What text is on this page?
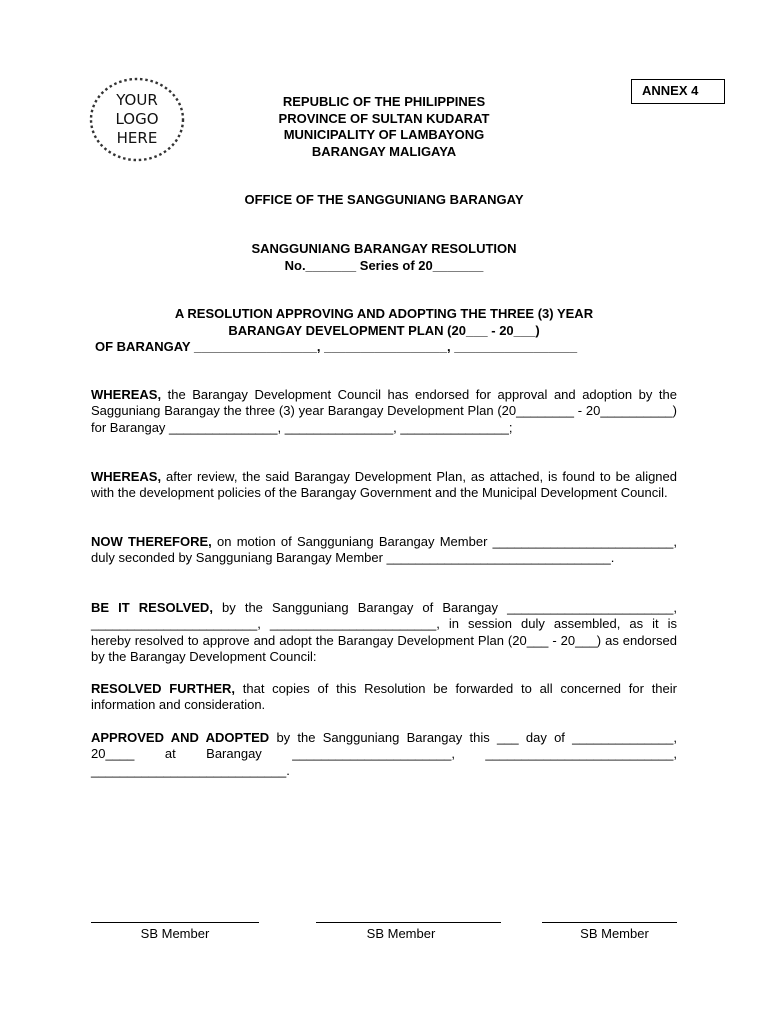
YOUR
LOGO
HERE
ANNEX 4
REPUBLIC OF THE PHILIPPINES
PROVINCE OF SULTAN KUDARAT
MUNICIPALITY OF LAMBAYONG
BARANGAY MALIGAYA
OFFICE OF THE SANGGUNIANG BARANGAY
SANGGUNIANG BARANGAY RESOLUTION
No._______ Series of 20_______
A RESOLUTION APPROVING AND ADOPTING THE THREE (3) YEAR
BARANGAY DEVELOPMENT PLAN (20___ - 20___)
OF BARANGAY _________________, _________________, _________________
WHEREAS, the Barangay Development Council has endorsed for approval and adoption by the Sagguniang Barangay the three (3) year Barangay Development Plan (20________ - 20__________) for Barangay _______________, _______________, _______________;
WHEREAS, after review, the said Barangay Development Plan, as attached, is found to be aligned with the development policies of the Barangay Government and the Municipal Development Council.
NOW THEREFORE, on motion of Sangguniang Barangay Member _________________________, duly seconded by Sangguniang Barangay Member _______________________________.
BE IT RESOLVED, by the Sangguniang Barangay of Barangay _______________________, _______________________, _______________________, in session duly assembled, as it is hereby resolved to approve and adopt the Barangay Development Plan (20___ - 20___) as endorsed by the Barangay Development Council:
RESOLVED FURTHER, that copies of this Resolution be forwarded to all concerned for their information and consideration.
APPROVED AND ADOPTED by the Sangguniang Barangay this ___ day of ______________, 20____ at Barangay ______________________, __________________________, ___________________________.
SB Member	SB Member	SB Member
